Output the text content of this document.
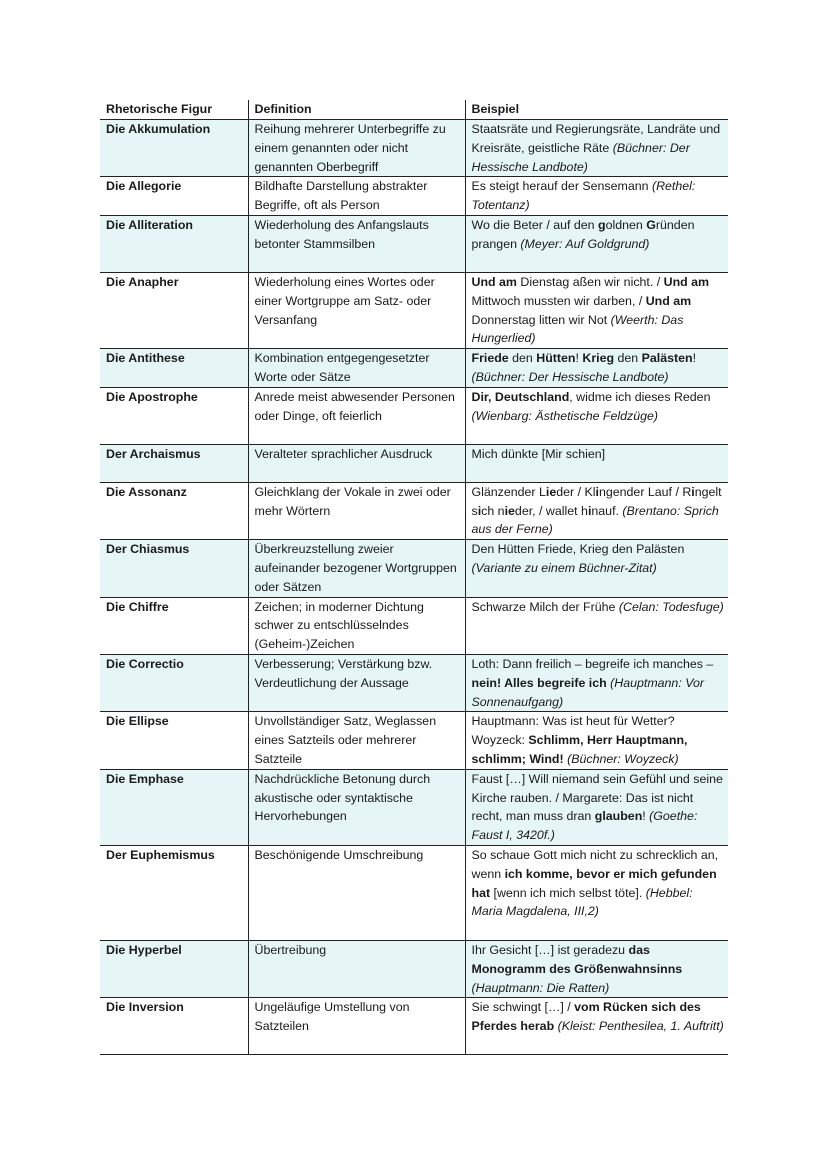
Rhetorische Figur	Definition	Beispiel
Die Akkumulation	Reihung mehrerer Unterbegriffe zu einem genannten oder nicht genannten Oberbegriff	Staatsräte und Regierungsräte, Landräte und Kreisräte, geistliche Räte (Büchner: Der Hessische Landbote)
Die Allegorie	Bildhafte Darstellung abstrakter Begriffe, oft als Person	Es steigt herauf der Sensemann (Rethel: Totentanz)
Die Alliteration	Wiederholung des Anfangslauts betonter Stammsilben	Wo die Beter / auf den goldnen Gründen prangen (Meyer: Auf Goldgrund)
Die Anapher	Wiederholung eines Wortes oder einer Wortgruppe am Satz- oder Versanfang	Und am Dienstag aßen wir nicht. / Und am Mittwoch mussten wir darben, / Und am Donnerstag litten wir Not (Weerth: Das Hungerlied)
Die Antithese	Kombination entgegengesetzter Worte oder Sätze	Friede den Hütten! Krieg den Palästen! (Büchner: Der Hessische Landbote)
Die Apostrophe	Anrede meist abwesender Personen oder Dinge, oft feierlich	Dir, Deutschland, widme ich dieses Reden (Wienbarg: Ästhetische Feldzüge)
Der Archaismus	Veralteter sprachlicher Ausdruck	Mich dünkte [Mir schien]
Die Assonanz	Gleichklang der Vokale in zwei oder mehr Wörtern	Glänzender Lieder / Klingender Lauf / Ringelt sich nieder, / wallet hinauf. (Brentano: Sprich aus der Ferne)
Der Chiasmus	Überkreuzstellung zweier aufeinander bezogener Wortgruppen oder Sätzen	Den Hütten Friede, Krieg den Palästen (Variante zu einem Büchner-Zitat)
Die Chiffre	Zeichen; in moderner Dichtung schwer zu entschlüsselndes (Geheim-)Zeichen	Schwarze Milch der Frühe (Celan: Todesfuge)
Die Correctio	Verbesserung; Verstärkung bzw. Verdeutlichung der Aussage	Loth: Dann freilich – begreife ich manches – nein! Alles begreife ich (Hauptmann: Vor Sonnenaufgang)
Die Ellipse	Unvollständiger Satz, Weglassen eines Satzteils oder mehrerer Satzteile	Hauptmann: Was ist heut für Wetter? Woyzeck: Schlimm, Herr Hauptmann, schlimm; Wind! (Büchner: Woyzeck)
Die Emphase	Nachdrückliche Betonung durch akustische oder syntaktische Hervorhebungen	Faust […] Will niemand sein Gefühl und seine Kirche rauben. / Margarete: Das ist nicht recht, man muss dran glauben! (Goethe: Faust I, 3420f.)
Der Euphemismus	Beschönigende Umschreibung	So schaue Gott mich nicht zu schrecklich an, wenn ich komme, bevor er mich gefunden hat [wenn ich mich selbst töte]. (Hebbel: Maria Magdalena, III,2)
Die Hyperbel	Übertreibung	Ihr Gesicht […] ist geradezu das Monogramm des Größenwahnsinns (Hauptmann: Die Ratten)
Die Inversion	Ungeläufige Umstellung von Satzteilen	Sie schwingt […] / vom Rücken sich des Pferdes herab (Kleist: Penthesilea, 1. Auftritt)
